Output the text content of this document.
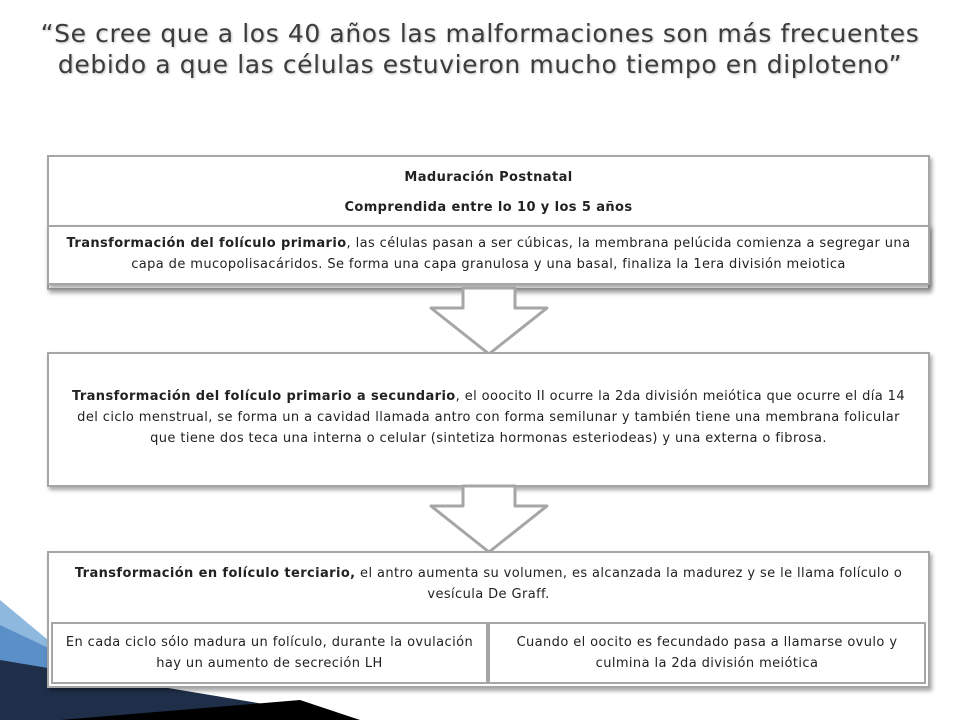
“Se cree que a los 40 años las malformaciones son más frecuentes debido a que las células estuvieron mucho tiempo en diploteno”
Maduración Postnatal
Comprendida entre lo 10 y los 5 años
Transformación del folículo primario, las células pasan a ser cúbicas, la membrana pelúcida comienza a segregar una capa de mucopolisacáridos. Se forma una capa granulosa y una basal, finaliza la 1era división meiotica
Transformación del folículo primario a secundario, el ooocito II ocurre la 2da división meiótica que ocurre el día 14 del ciclo menstrual, se forma un a cavidad llamada antro con forma semilunar y también tiene una membrana folicular que tiene dos teca una interna o celular (sintetiza hormonas esteriodeas) y una externa o fibrosa.
Transformación en folículo terciario, el antro aumenta su volumen, es alcanzada la madurez y se le llama folículo o vesícula De Graff.
En cada ciclo sólo madura un folículo, durante la ovulación hay un aumento de secreción LH
Cuando el oocito es fecundado pasa a llamarse ovulo y culmina la 2da división meiótica
